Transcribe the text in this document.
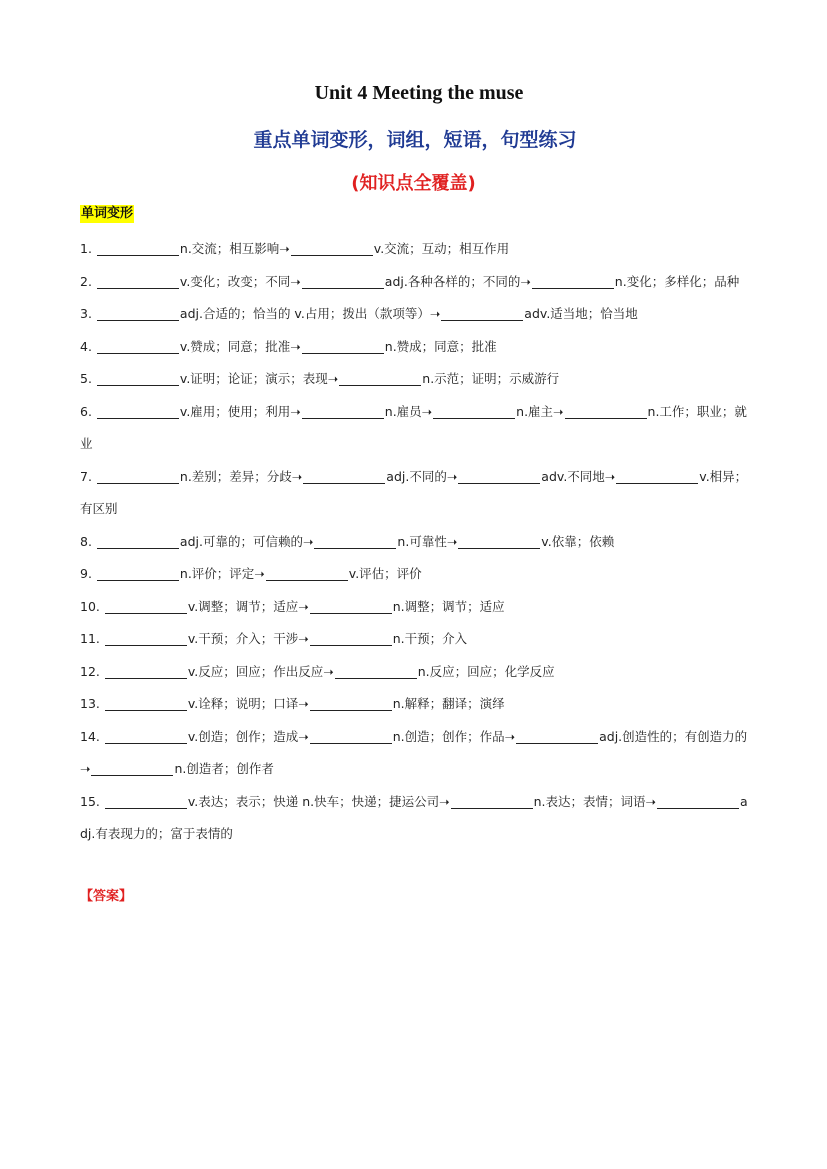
Unit 4 Meeting the muse
重点单词变形，词组，短语，句型练习
(知识点全覆盖)
单词变形

1.	n.交流；相互影响➝	v.交流；互动；相互作用

2.	v.变化；改变；不同➝	adj.各种各样的；不同的➝	n.变化；多样化；品种

3.	adj.合适的；恰当的 v.占用；拨出（款项等）➝	adv.适当地；恰当地

4.	v.赞成；同意；批准➝	n.赞成；同意；批准

5.	v.证明；论证；演示；表现➝	n.示范；证明；示威游行

6.	v.雇用；使用；利用➝	n.雇员➝	n.雇主➝	n.工作；职业；就业

7.	n.差别；差异；分歧➝	adj.不同的➝	adv.不同地➝	v.相异；有区别

8.	adj.可靠的；可信赖的➝	n.可靠性➝	v.依靠；依赖

9.	n.评价；评定➝	v.评估；评价

10.	v.调整；调节；适应➝	n.调整；调节；适应

11.	v.干预；介入；干涉➝	n.干预；介入

12.	v.反应；回应；作出反应➝	n.反应；回应；化学反应

13.	v.诠释；说明；口译➝	n.解释；翻译；演绎

14.	v.创造；创作；造成➝	n.创造；创作；作品➝	adj.创造性的；有创造力的➝	n.创造者；创作者

15.	v.表达；表示；快递 n.快车；快递；捷运公司➝	n.表达；表情；词语➝	adj.有表现力的；富于表情的

【答案】
